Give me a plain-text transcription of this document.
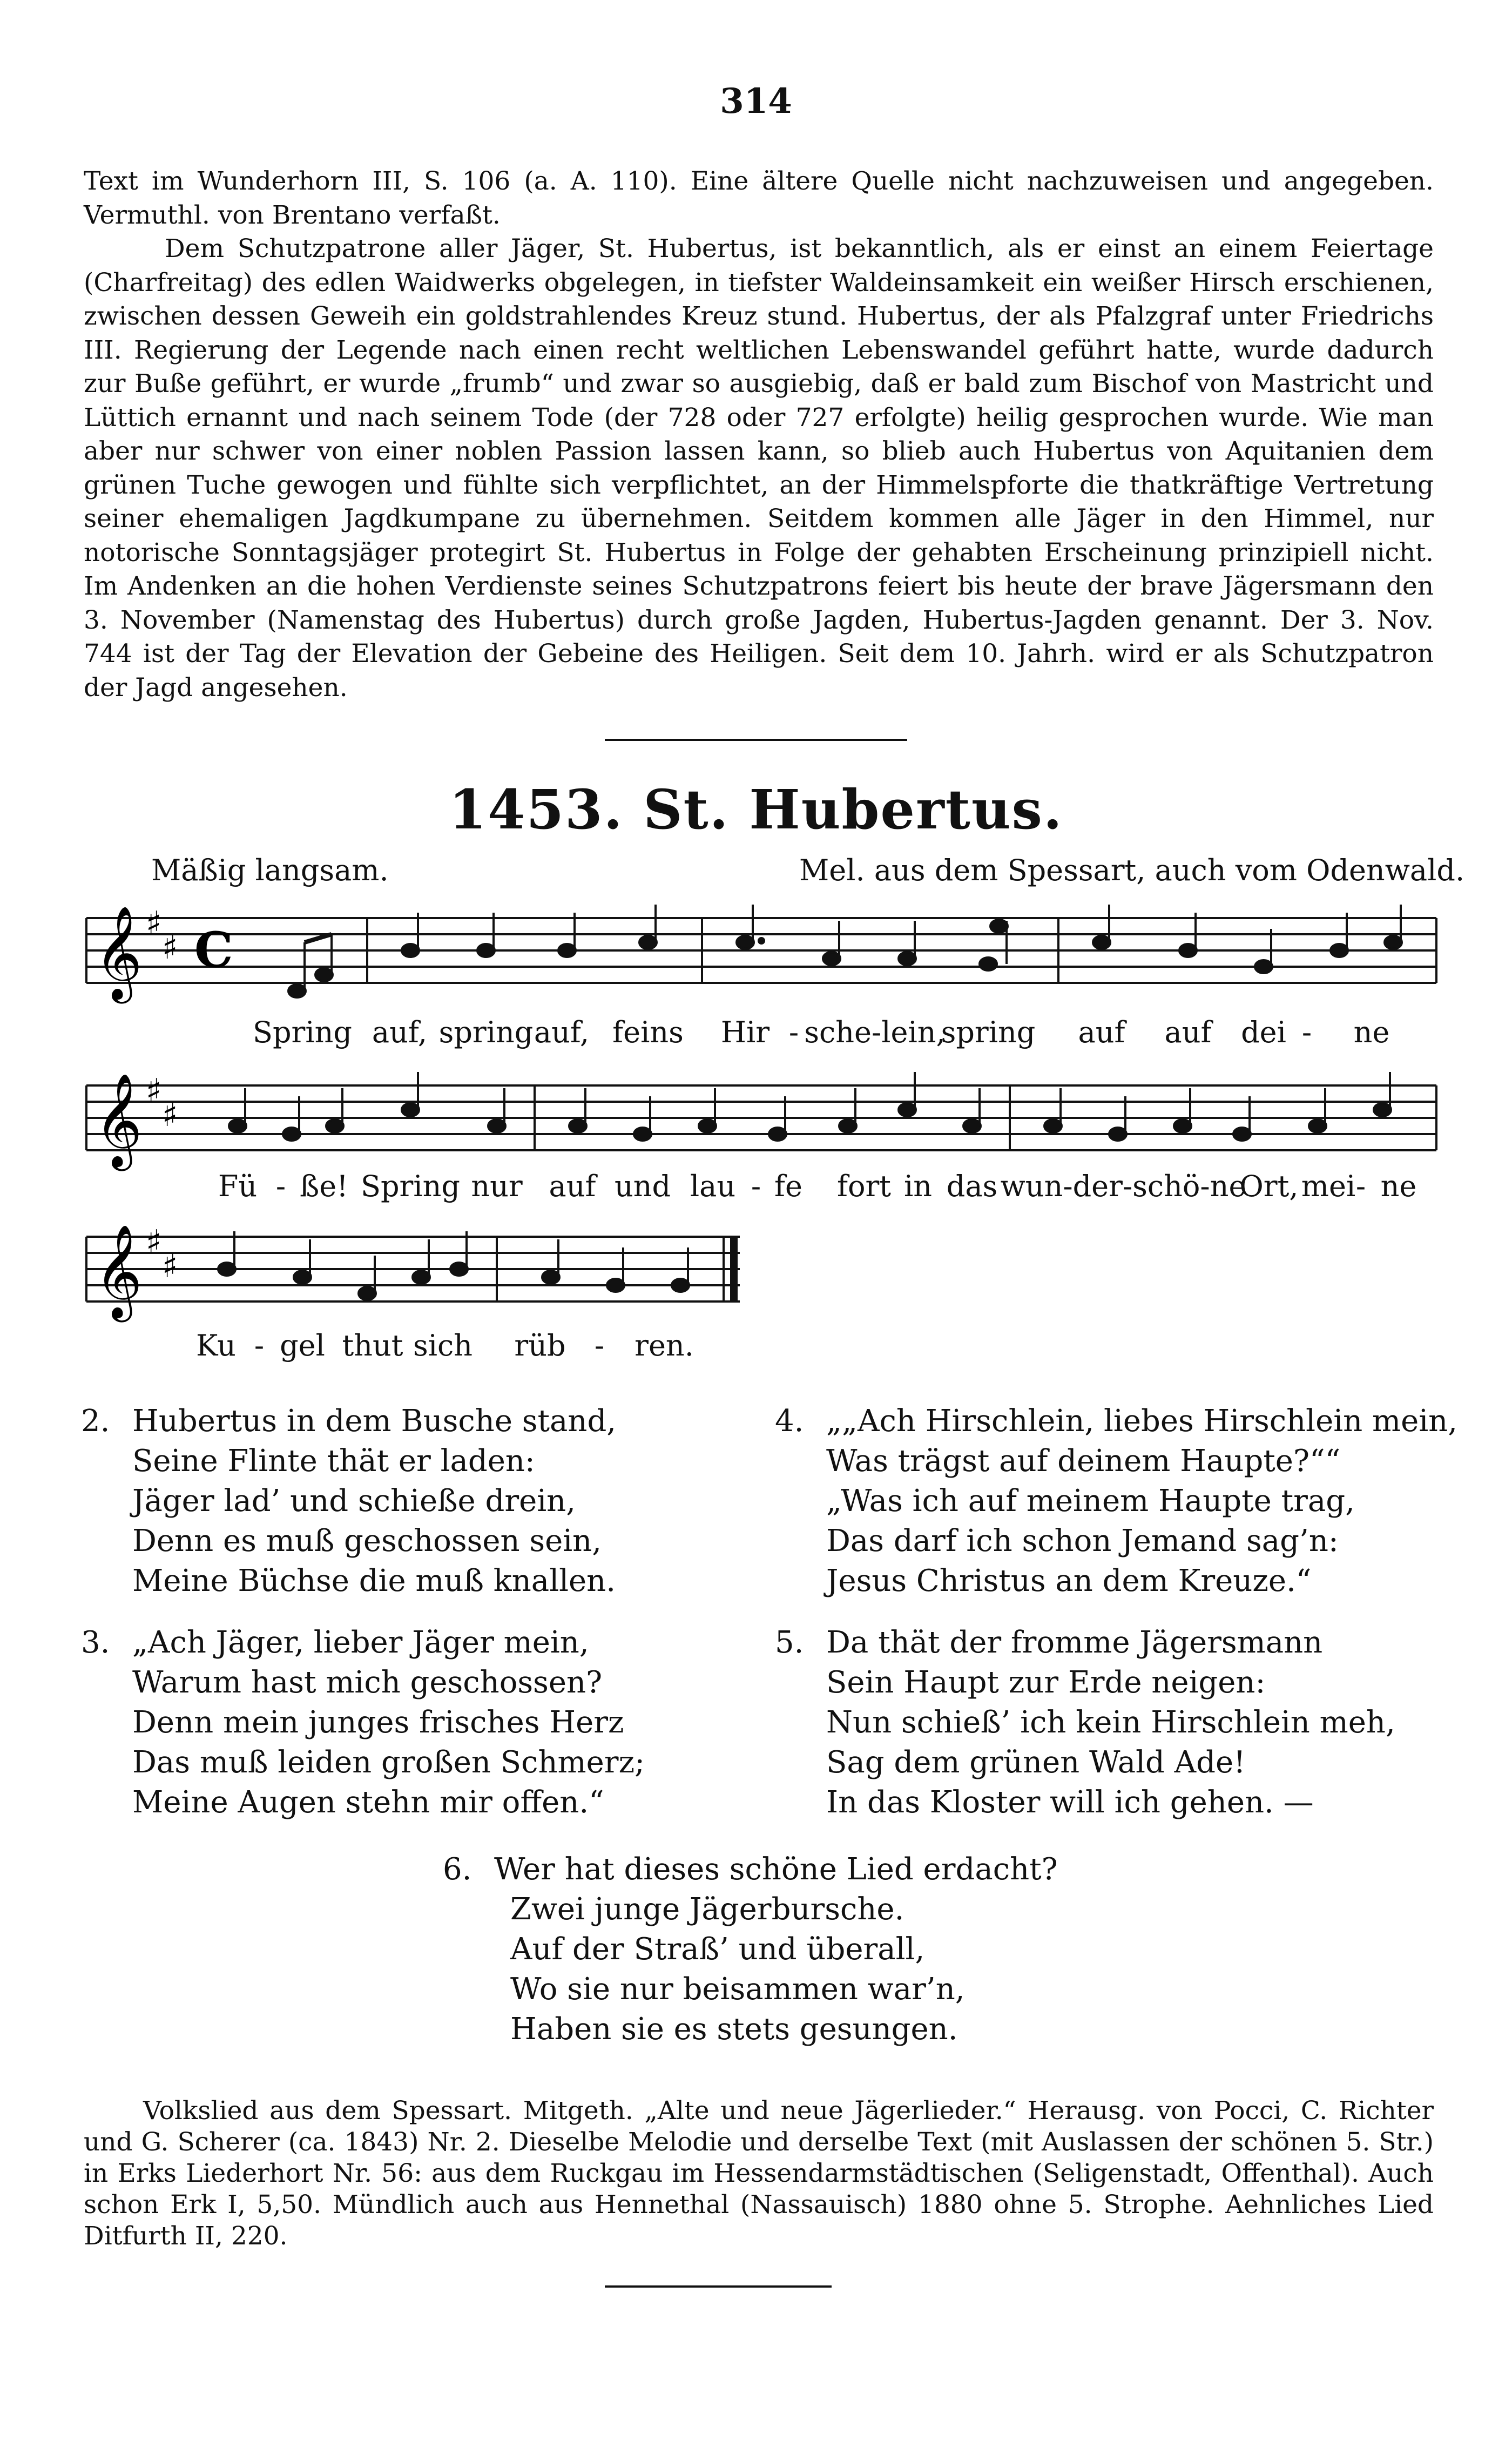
314

Text im Wunderhorn III, S. 106 (a. A. 110). Eine ältere Quelle nicht nachzuweisen und angegeben. Vermuthl. von Brentano verfaßt.

Dem Schutzpatrone aller Jäger, St. Hubertus, ist bekanntlich, als er einst an einem Feiertage (Charfreitag) des edlen Waidwerks obgelegen, in tiefster Waldeinsamkeit ein weißer Hirsch erschienen, zwischen dessen Geweih ein goldstrahlendes Kreuz stund. Hubertus, der als Pfalzgraf unter Friedrichs III. Regierung der Legende nach einen recht weltlichen Lebenswandel geführt hatte, wurde dadurch zur Buße geführt, er wurde „frumb“ und zwar so ausgiebig, daß er bald zum Bischof von Mastricht und Lüttich ernannt und nach seinem Tode (der 728 oder 727 erfolgte) heilig gesprochen wurde. Wie man aber nur schwer von einer noblen Passion lassen kann, so blieb auch Hubertus von Aquitanien dem grünen Tuche gewogen und fühlte sich verpflichtet, an der Himmelspforte die thatkräftige Vertretung seiner ehemaligen Jagdkumpane zu übernehmen. Seitdem kommen alle Jäger in den Himmel, nur notorische Sonntagsjäger protegirt St. Hubertus in Folge der gehabten Erscheinung prinzipiell nicht. Im Andenken an die hohen Verdienste seines Schutzpatrons feiert bis heute der brave Jägersmann den 3. November (Namenstag des Hubertus) durch große Jagden, Hubertus-Jagden genannt. Der 3. Nov. 744 ist der Tag der Elevation der Gebeine des Heiligen. Seit dem 10. Jahrh. wird er als Schutzpatron der Jagd angesehen.

1453. St. Hubertus.
Mäßig langsam.	Mel. aus dem Spessart, auch vom Odenwald.
𝄞 ♯
♯ C
Spring auf, spring auf, feins Hir - sche-lein,
spring auf auf dei - ne
𝄞 ♯
♯
Fü - ße! Spring nur auf und lau - fe fort in das wun-der-schö-ne
Ort, mei - ne
𝄞 ♯
♯
Ku - gel thut sich rüb - ren.
2. Hubertus in dem Busche stand,
Seine Flinte thät er laden:
Jäger lad’ und schieße drein,
Denn es muß geschossen sein,
Meine Büchse die muß knallen.
3. „Ach Jäger, lieber Jäger mein,
Warum hast mich geschossen?
Denn mein junges frisches Herz
Das muß leiden großen Schmerz;
Meine Augen stehn mir offen.“
4. „„Ach Hirschlein, liebes Hirschlein mein,
Was trägst auf deinem Haupte?““
„Was ich auf meinem Haupte trag,
Das darf ich schon Jemand sag’n:
Jesus Christus an dem Kreuze.“
5. Da thät der fromme Jägersmann
Sein Haupt zur Erde neigen:
Nun schieß’ ich kein Hirschlein meh,
Sag dem grünen Wald Ade!
In das Kloster will ich gehen. —
6. Wer hat dieses schöne Lied erdacht?
Zwei junge Jägerbursche.
Auf der Straß’ und überall,
Wo sie nur beisammen war’n,
Haben sie es stets gesungen.
Volkslied aus dem Spessart. Mitgeth. „Alte und neue Jägerlieder.“ Herausg. von Pocci, C. Richter und G. Scherer (ca. 1843) Nr. 2. Dieselbe Melodie und derselbe Text (mit Auslassen der schönen 5. Str.) in Erks Liederhort Nr. 56: aus dem Ruckgau im Hessendarmstädtischen (Seligenstadt, Offenthal). Auch schon Erk I, 5,50. Mündlich auch aus Hennethal (Nassauisch) 1880 ohne 5. Strophe. Aehnliches Lied Ditfurth II, 220.
